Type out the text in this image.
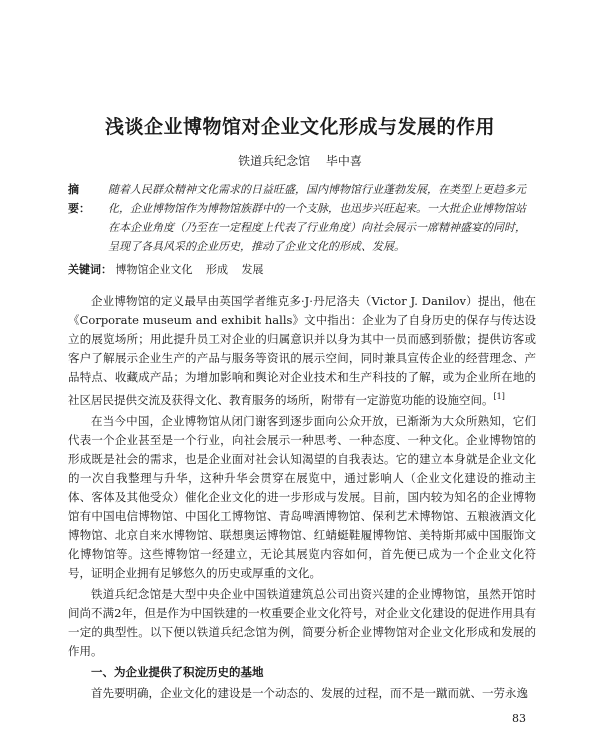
浅谈企业博物馆对企业文化形成与发展的作用
铁道兵纪念馆 毕中喜
摘　要：
随着人民群众精神文化需求的日益旺盛，国内博物馆行业蓬勃发展，在类型上更趋多元化，企业博物馆作为博物馆族群中的一个支脉，也迅步兴旺起来。一大批企业博物馆站在本企业角度（乃至在一定程度上代表了行业角度）向社会展示一席精神盛宴的同时，呈现了各具风采的企业历史，推动了企业文化的形成、发展。
关键词： 博物馆企业文化 形成 发展

企业博物馆的定义最早由英国学者维克多·J·丹尼洛夫（Victor J. Danilov）提出，他在《Corporate museum and exhibit halls》文中指出：企业为了自身历史的保存与传达设立的展览场所；用此提升员工对企业的归属意识并以身为其中一员而感到骄傲；提供访客或客户了解展示企业生产的产品与服务等资讯的展示空间，同时兼具宣传企业的经营理念、产品特点、收藏成产品；为增加影响和舆论对企业技术和生产科技的了解，或为企业所在地的社区居民提供交流及获得文化、教育服务的场所，附带有一定游览功能的设施空间。[1]

在当今中国，企业博物馆从闭门谢客到逐步面向公众开放，已渐渐为大众所熟知，它们代表一个企业甚至是一个行业，向社会展示一种思考、一种态度、一种文化。企业博物馆的形成既是社会的需求，也是企业面对社会认知渴望的自我表达。它的建立本身就是企业文化的一次自我整理与升华，这种升华会贯穿在展览中，通过影响人（企业文化建设的推动主体、客体及其他受众）催化企业文化的进一步形成与发展。目前，国内较为知名的企业博物馆有中国电信博物馆、中国化工博物馆、青岛啤酒博物馆、保利艺术博物馆、五粮液酒文化博物馆、北京自来水博物馆、联想奥运博物馆、红蜻蜓鞋履博物馆、美特斯邦威中国服饰文化博物馆等。这些博物馆一经建立，无论其展览内容如何，首先便已成为一个企业文化符号，证明企业拥有足够悠久的历史或厚重的文化。

铁道兵纪念馆是大型中央企业中国铁道建筑总公司出资兴建的企业博物馆，虽然开馆时间尚不满2年，但是作为中国铁建的一枚重要企业文化符号，对企业文化建设的促进作用具有一定的典型性。以下便以铁道兵纪念馆为例，简要分析企业博物馆对企业文化形成和发展的作用。

一、为企业提供了积淀历史的基地

首先要明确，企业文化的建设是一个动态的、发展的过程，而不是一蹴而就、一劳永逸

83
